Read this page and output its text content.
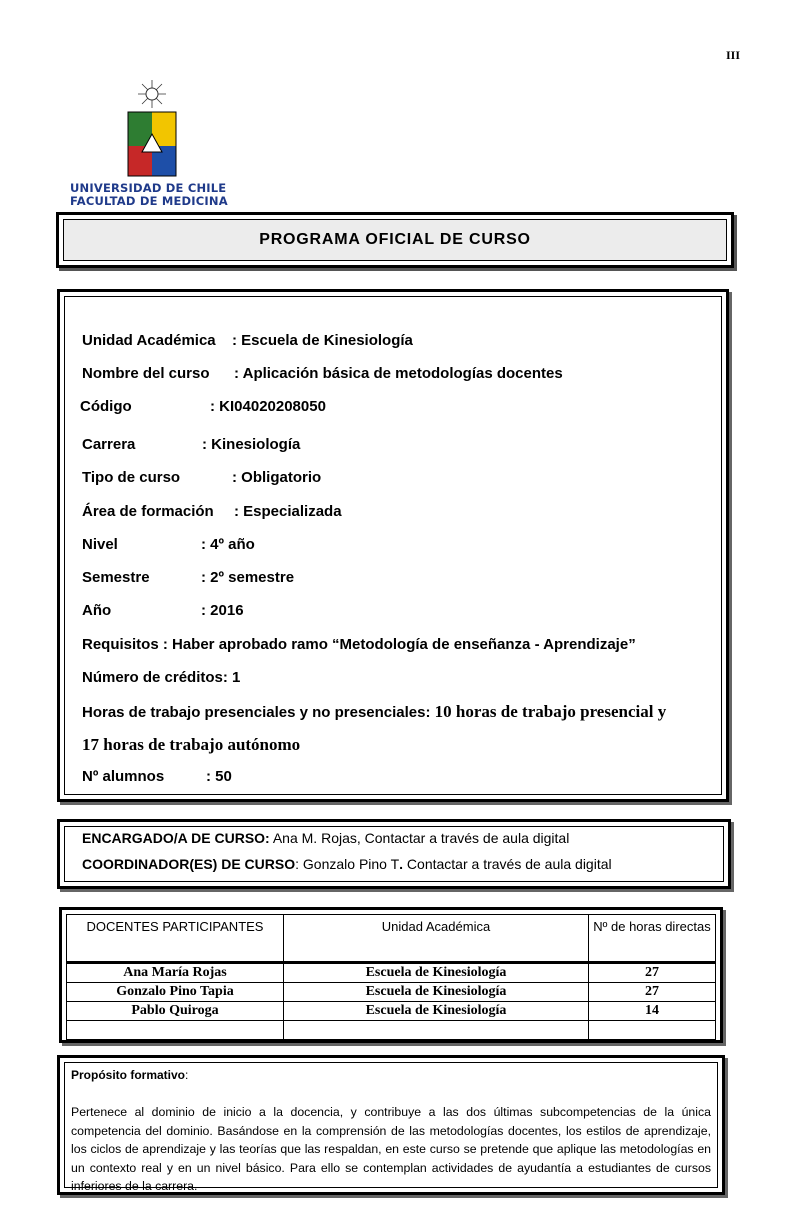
III
UNIVERSIDAD DE CHILE
FACULTAD DE MEDICINA
PROGRAMA OFICIAL DE CURSO
Unidad Académica : Escuela de Kinesiología
Nombre del curso : Aplicación básica de metodologías docentes
Código	: KI04020208050
Carrera	: Kinesiología
Tipo de curso	: Obligatorio
Área de formación : Especializada
Nivel	: 4º año
Semestre	: 2º semestre
Año	: 2016
Requisitos : Haber aprobado ramo “Metodología de enseñanza - Aprendizaje”
Número de créditos: 1
Horas de trabajo presenciales y no presenciales: 10 horas de trabajo presencial y
17 horas de trabajo autónomo
Nº alumnos	: 50
ENCARGADO/A DE CURSO: Ana M. Rojas, Contactar a través de aula digital
COORDINADOR(ES) DE CURSO: Gonzalo Pino T. Contactar a través de aula digital
DOCENTES PARTICIPANTES	Unidad Académica	Nº de horas directas
Ana María Rojas	Escuela de Kinesiología	27
Gonzalo Pino Tapia	Escuela de Kinesiología	27
Pablo Quiroga	Escuela de Kinesiología	14

Propósito formativo:
Pertenece al dominio de inicio a la docencia, y contribuye a las dos últimas subcompetencias de la única competencia del dominio. Basándose en la comprensión de las metodologías docentes, los estilos de aprendizaje, los ciclos de aprendizaje y las teorías que las respaldan, en este curso se pretende que aplique las metodologías en un contexto real y en un nivel básico. Para ello se contemplan actividades de ayudantía a estudiantes de cursos inferiores de la carrera.
